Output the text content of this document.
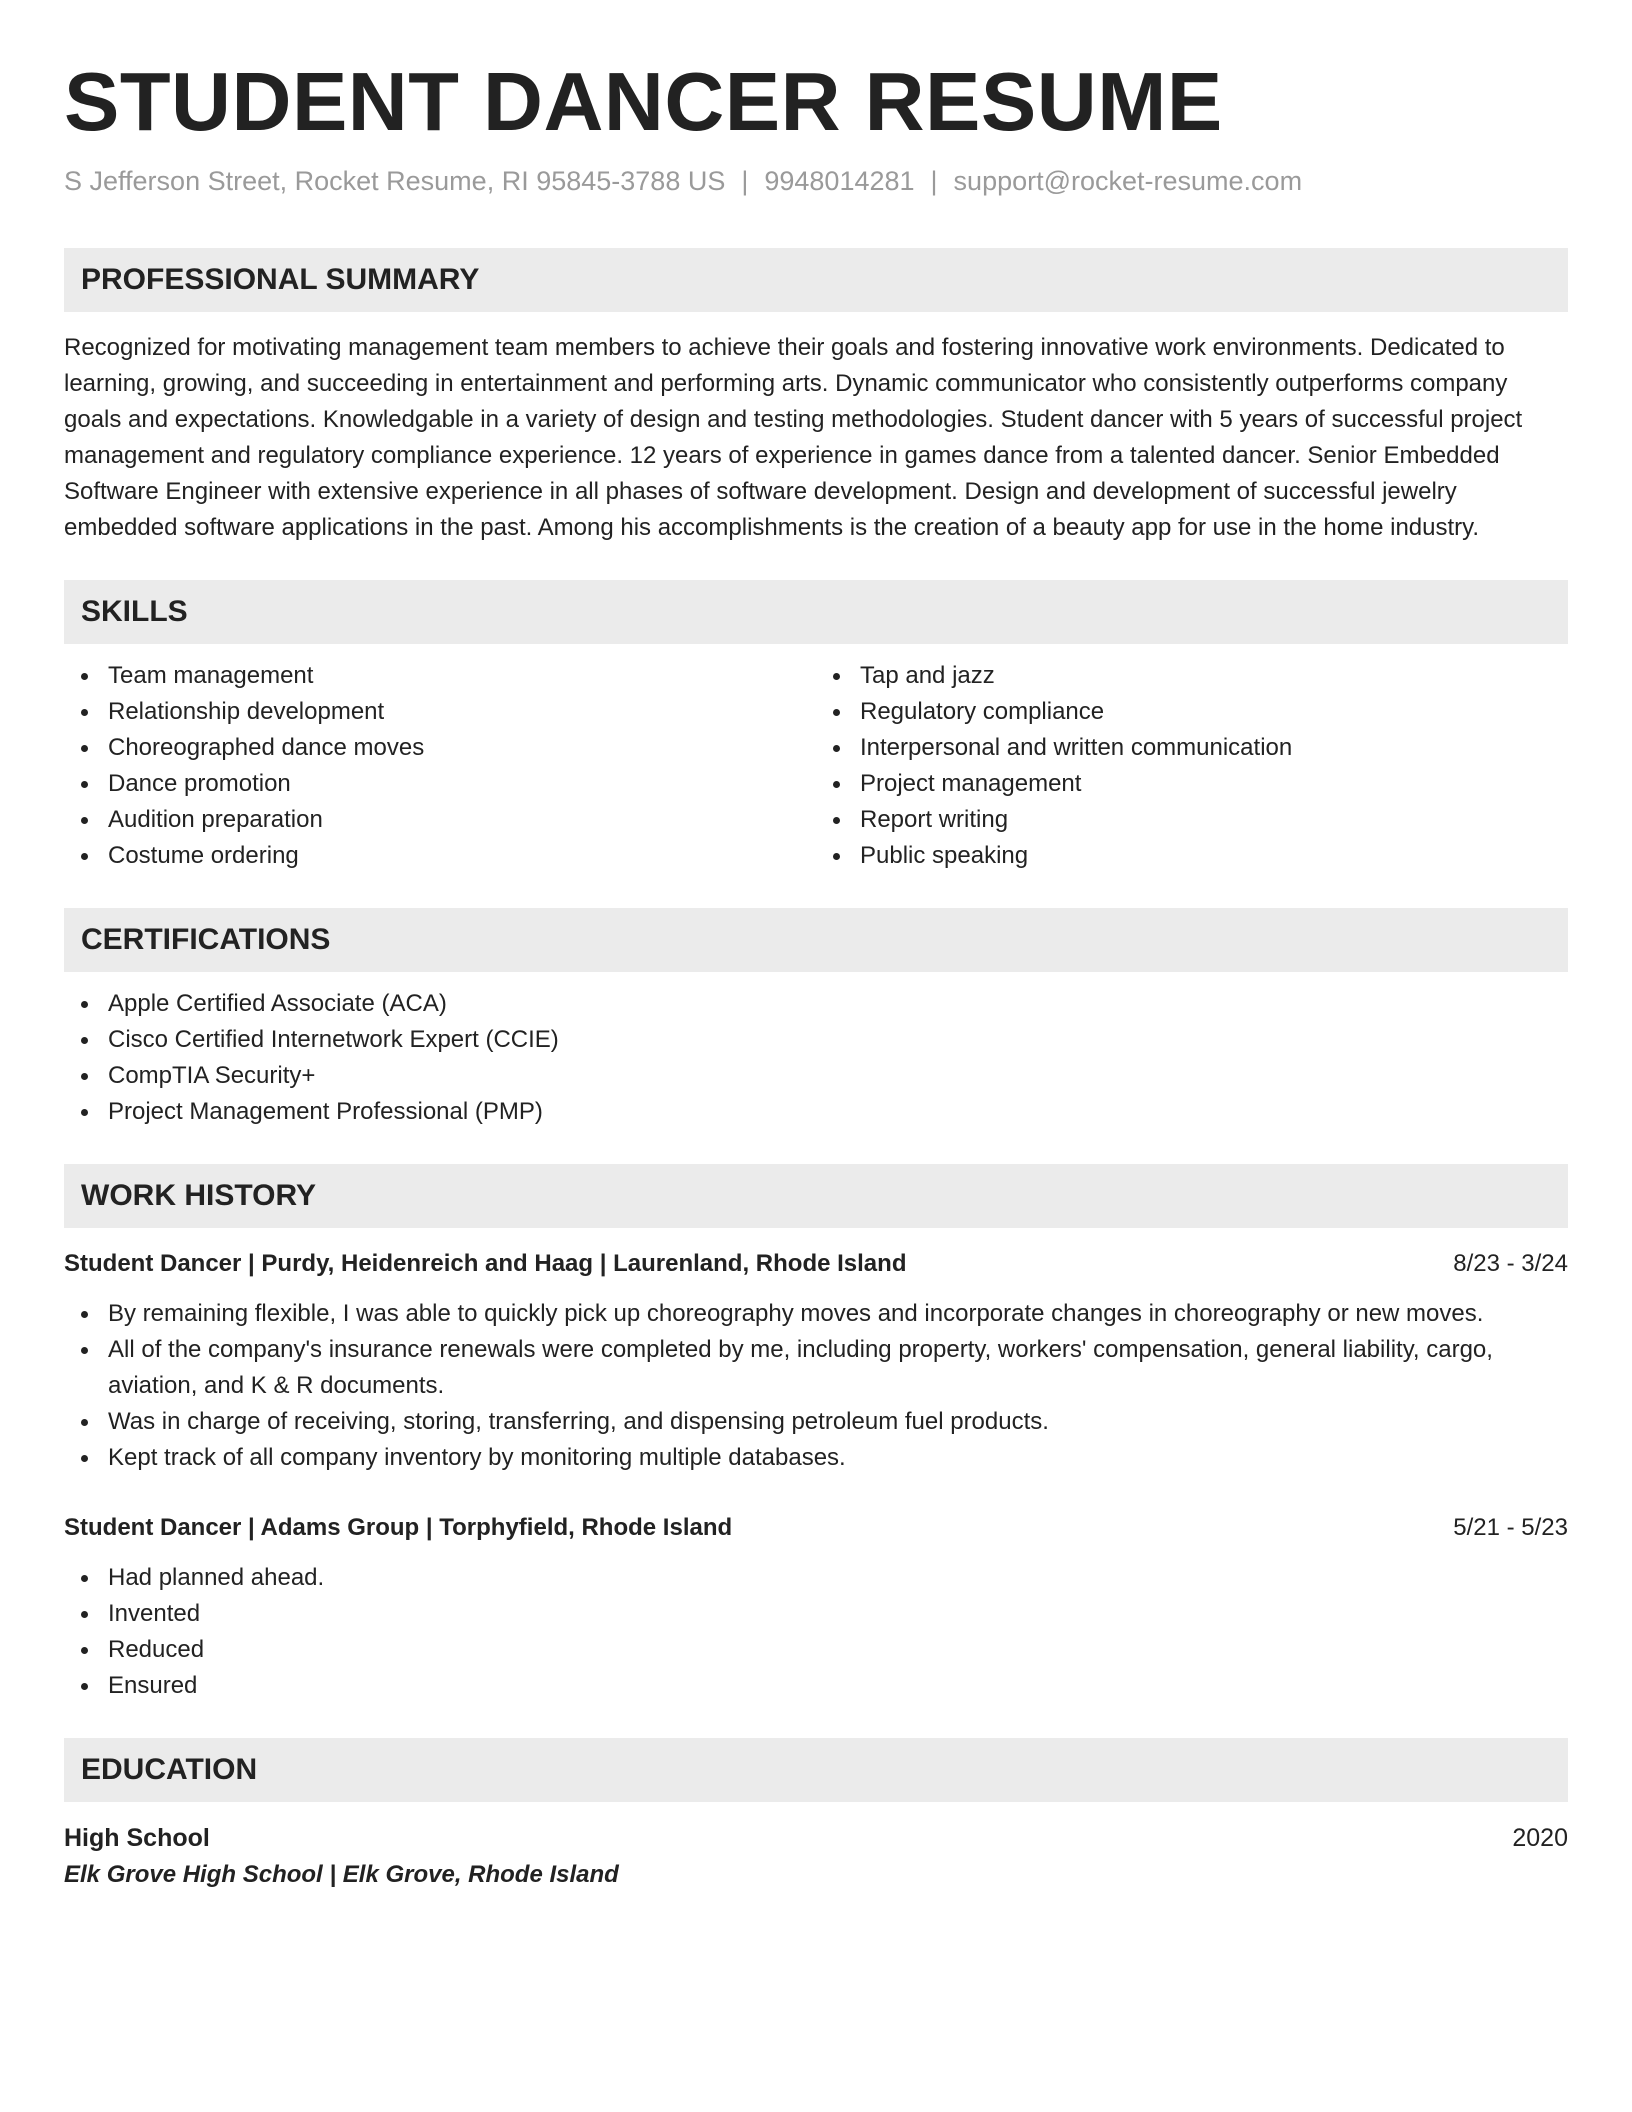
STUDENT DANCER RESUME
S Jefferson Street, Rocket Resume, RI 95845-3788 US | 9948014281 | support@rocket-resume.com
PROFESSIONAL SUMMARY

Recognized for motivating management team members to achieve their goals and fostering innovative work environments. Dedicated to learning, growing, and succeeding in entertainment and performing arts. Dynamic communicator who consistently outperforms company goals and expectations. Knowledgable in a variety of design and testing methodologies. Student dancer with 5 years of successful project management and regulatory compliance experience. 12 years of experience in games dance from a talented dancer. Senior Embedded Software Engineer with extensive experience in all phases of software development. Design and development of successful jewelry embedded software applications in the past. Among his accomplishments is the creation of a beauty app for use in the home industry.

SKILLS
Team management
Relationship development
Choreographed dance moves
Dance promotion
Audition preparation
Costume ordering
Tap and jazz
Regulatory compliance
Interpersonal and written communication
Project management
Report writing
Public speaking
CERTIFICATIONS
Apple Certified Associate (ACA)
Cisco Certified Internetwork Expert (CCIE)
CompTIA Security+
Project Management Professional (PMP)
WORK HISTORY
Student Dancer | Purdy, Heidenreich and Haag | Laurenland, Rhode Island	8/23 - 3/24
By remaining flexible, I was able to quickly pick up choreography moves and incorporate changes in choreography or new moves.
All of the company's insurance renewals were completed by me, including property, workers' compensation, general liability, cargo, aviation, and K & R documents.
Was in charge of receiving, storing, transferring, and dispensing petroleum fuel products.
Kept track of all company inventory by monitoring multiple databases.
Student Dancer | Adams Group | Torphyfield, Rhode Island	5/21 - 5/23
Had planned ahead.
Invented
Reduced
Ensured
EDUCATION
High School	2020
Elk Grove High School | Elk Grove, Rhode Island
